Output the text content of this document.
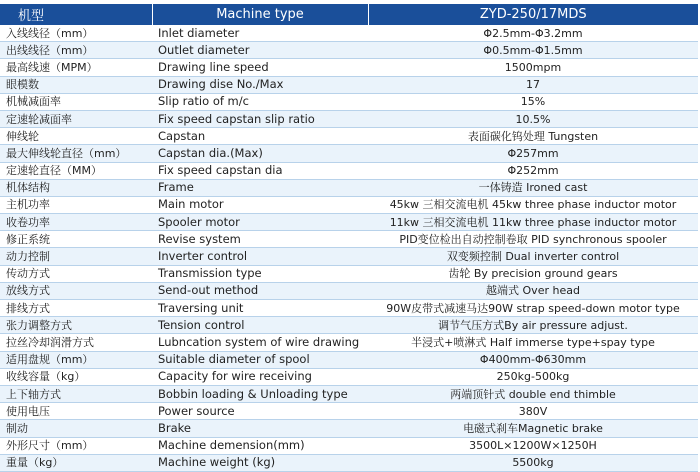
机型	Machine type	ZYD-250/17MDS
入线线径（mm）	Inlet diameter	Φ2.5mm-Φ3.2mm
出线线径（mm）	Outlet diameter	Φ0.5mm-Φ1.5mm
最高线速（MPM）	Drawing line speed	1500mpm
眼模数	Drawing dise No./Max	17
机械减面率	Slip ratio of m/c	15%
定速轮减面率	Fix speed capstan slip ratio	10.5%
伸线轮	Capstan	表面碳化钨处理 Tungsten
最大伸线轮直径（mm）	Capstan dia.(Max)	Φ257mm
定速轮直径（MM）	Fix speed capstan dia	Φ252mm
机体结构	Frame	一体铸造 Ironed cast
主机功率	Main motor	45kw 三相交流电机 45kw three phase inductor motor
收卷功率	Spooler motor	11kw 三相交流电机 11kw three phase inductor motor
修正系统	Revise system	PID变位检出自动控制卷取 PID synchronous spooler
动力控制	Inverter control	双变频控制 Dual inverter control
传动方式	Transmission type	齿轮 By precision ground gears
放线方式	Send-out method	越端式 Over head
排线方式	Traversing unit	90W皮带式减速马达90W strap speed-down motor type
张力调整方式	Tension control	调节气压方式By air pressure adjust.
拉丝冷却润滑方式	Lubncation system of wire drawing	半浸式+喷淋式 Half immerse type+spay type
适用盘规（mm）	Suitable diameter of spool	Φ400mm-Φ630mm
收线容量（kg）	Capacity for wire receiving	250kg-500kg
上下轴方式	Bobbin loading & Unloading type	两端顶针式 double end thimble
使用电压	Power source	380V
制动	Brake	电磁式刹车Magnetic brake
外形尺寸（mm）	Machine demension(mm)	3500L×1200W×1250H
重量（kg）	Machine weight (kg)	5500kg
